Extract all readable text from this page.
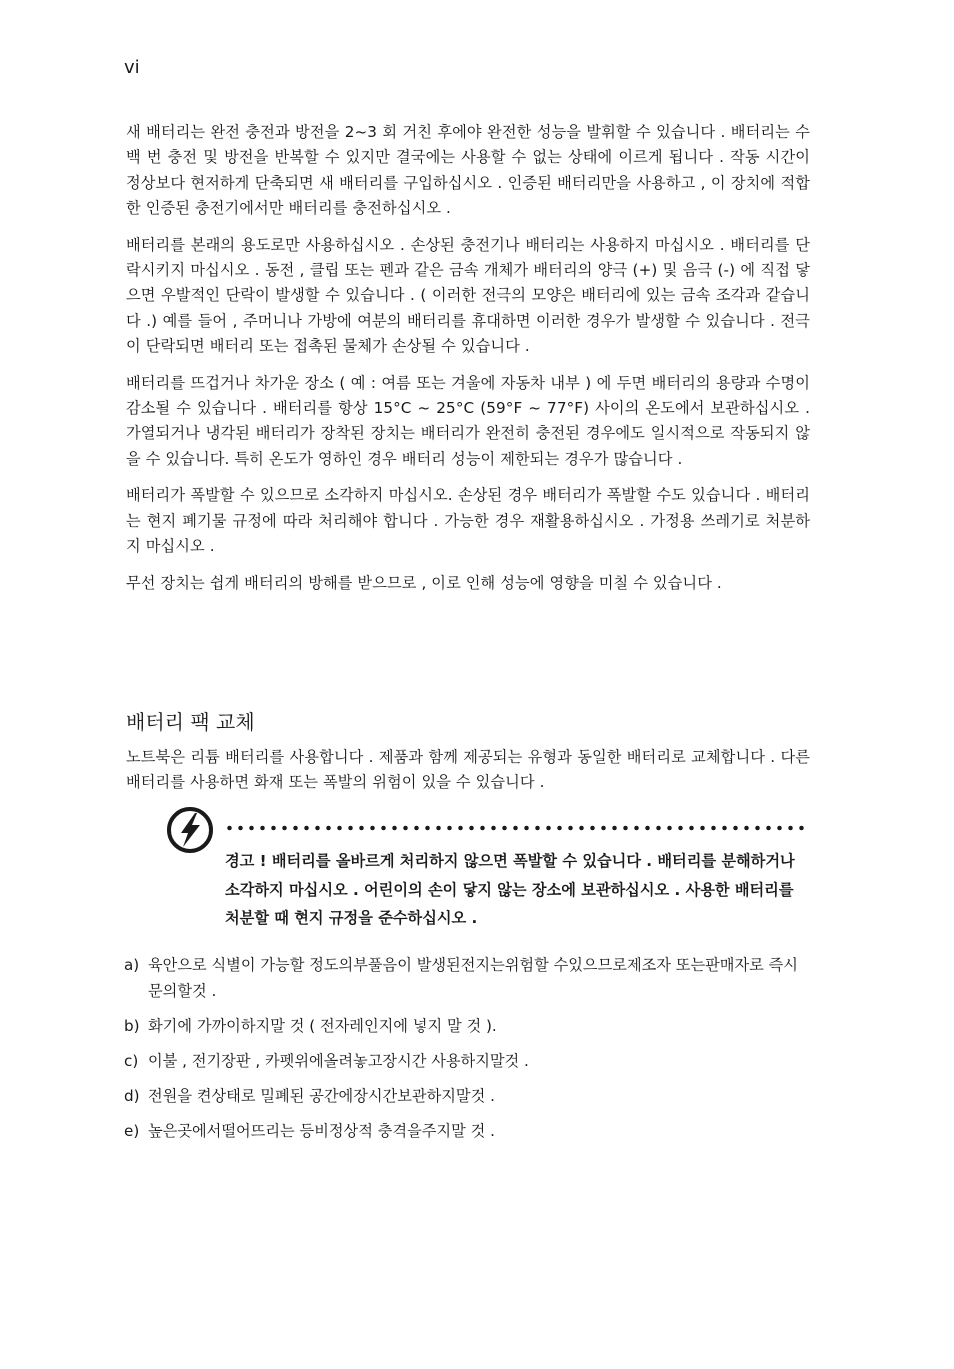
vi

새 배터리는 완전 충전과 방전을 2~3 회 거친 후에야 완전한 성능을 발휘할 수 있습니다 . 배터리는 수백 번 충전 및 방전을 반복할 수 있지만 결국에는 사용할 수 없는 상태에 이르게 됩니다 . 작동 시간이 정상보다 현저하게 단축되면 새 배터리를 구입하십시오 . 인증된 배터리만을 사용하고 , 이 장치에 적합한 인증된 충전기에서만 배터리를 충전하십시오 .

배터리를 본래의 용도로만 사용하십시오 . 손상된 충전기나 배터리는 사용하지 마십시오 . 배터리를 단락시키지 마십시오 . 동전 , 클립 또는 펜과 같은 금속 개체가 배터리의 양극 (+) 및 음극 (-) 에 직접 닿으면 우발적인 단락이 발생할 수 있습니다 . ( 이러한 전극의 모양은 배터리에 있는 금속 조각과 같습니다 .) 예를 들어 , 주머니나 가방에 여분의 배터리를 휴대하면 이러한 경우가 발생할 수 있습니다 . 전극이 단락되면 배터리 또는 접촉된 물체가 손상될 수 있습니다 .

배터리를 뜨겁거나 차가운 장소 ( 예 : 여름 또는 겨울에 자동차 내부 ) 에 두면 배터리의 용량과 수명이 감소될 수 있습니다 . 배터리를 항상 15°C ~ 25°C (59°F ~ 77°F) 사이의 온도에서 보관하십시오 . 가열되거나 냉각된 배터리가 장착된 장치는 배터리가 완전히 충전된 경우에도 일시적으로 작동되지 않을 수 있습니다. 특히 온도가 영하인 경우 배터리 성능이 제한되는 경우가 많습니다 .

배터리가 폭발할 수 있으므로 소각하지 마십시오. 손상된 경우 배터리가 폭발할 수도 있습니다 . 배터리는 현지 폐기물 규정에 따라 처리해야 합니다 . 가능한 경우 재활용하십시오 . 가정용 쓰레기로 처분하지 마십시오 .

무선 장치는 쉽게 배터리의 방해를 받으므로 , 이로 인해 성능에 영향을 미칠 수 있습니다 .

배터리 팩 교체

노트북은 리튬 배터리를 사용합니다 . 제품과 함께 제공되는 유형과 동일한 배터리로 교체합니다 . 다른 배터리를 사용하면 화재 또는 폭발의 위험이 있을 수 있습니다 .

경고 ! 배터리를 올바르게 처리하지 않으면 폭발할 수 있습니다 . 배터리를 분해하거나 소각하지 마십시오 . 어린이의 손이 닿지 않는 장소에 보관하십시오 . 사용한 배터리를 처분할 때 현지 규정을 준수하십시오 .

a) 육안으로 식별이 가능할 정도의부풀음이 발생된전지는위험할 수있으므로제조자 또는판매자로 즉시 문의할것 .
b) 화기에 가까이하지말 것 ( 전자레인지에 넣지 말 것 ).
c) 이불 , 전기장판 , 카펫위에올려놓고장시간 사용하지말것 .
d) 전원을 켠상태로 밀폐된 공간에장시간보관하지말것 .
e) 높은곳에서떨어뜨리는 등비정상적 충격을주지말 것 .
